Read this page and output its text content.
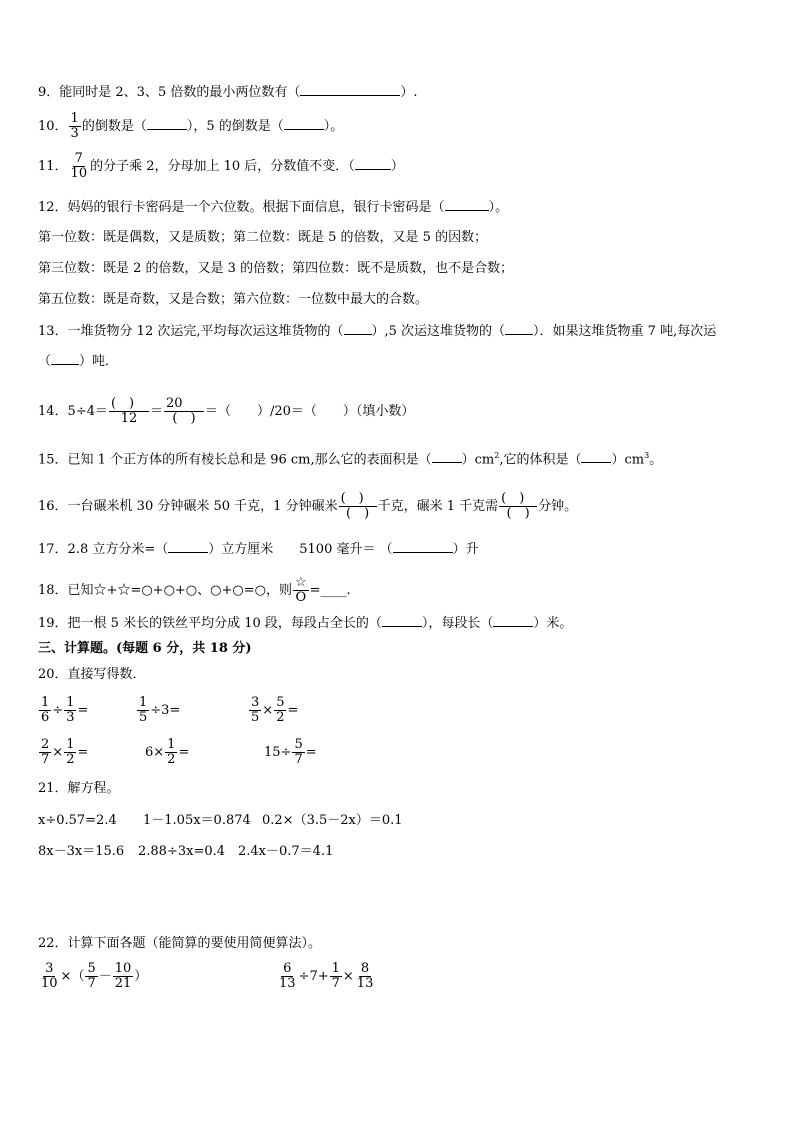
9．能同时是 2、3、5 倍数的最小两位数有（	）.
10． $\frac{1}{3}$ 的倒数是（	），5 的倒数是（	）。
11． $\frac{7}{10}$ 的分子乘 2，分母加上 10 后，分数值不变．（	）
12．妈妈的银行卡密码是一个六位数。根据下面信息，银行卡密码是（	）。
第一位数：既是偶数，又是质数；第二位数：既是 5 的倍数，又是 5 的因数；
第三位数：既是 2 的倍数，又是 3 的倍数；第四位数：既不是质数，也不是合数；
第五位数：既是奇数，又是合数；第六位数：一位数中最大的合数。
13．一堆货物分 12 次运完,平均每次运这堆货物的（ ）,5 次运这堆货物的（ ）．如果这堆货物重 7 吨,每次运
（ ）吨．
14．$5\div 4= \frac{( )}{12} = \frac{20}{( )}$ ＝（　　）/20＝（　　）（填小数）
15．已知 1 个正方体的所有棱长总和是 96 cm,那么它的表面积是（ ）$cm^2$,它的体积是（ ）$cm^3$。
16．一台碾米机 30 分钟碾米 50 千克，1 分钟碾米 $\frac{( )}{( )}$ 千克，碾米 1 千克需 $\frac{( )}{( )}$ 分钟。
17．2.8 立方分米=（	）立方厘米　　5100 毫升＝ （	）升
18．已知☆+☆=○+○+○、○+○=○，则 $\frac{☆}{O}$ =____.
19．把一根 5 米长的铁丝平均分成 10 段，每段占全长的（	），每段长（	）米。
三、计算题。(每题 6 分，共 18 分)
20．直接写得数．
$\frac{1}{6} \div \frac{1}{3}$ =	$\frac{1}{5} \div 3=$	$\frac{3}{5} \times \frac{5}{2}$ =
$\frac{2}{7} \times \frac{1}{2}$ =	$6\times \frac{1}{2}$ =	$15\div \frac{5}{7}$ =
21．解方程。
x÷0.57=2.4 1－1.05x＝0.874 0.2×（3.5－2x）＝0.1
8x－3x＝15.6 2.88÷3x=0.4 2.4x－0.7＝4.1
22．计算下面各题（能简算的要使用简便算法）。
$\frac{3}{10}$ ×（ $\frac{5}{7} - \frac{10}{21}$ ）	$\frac{6}{13} \div 7+ \frac{1}{7} \times \frac{8}{13}$
